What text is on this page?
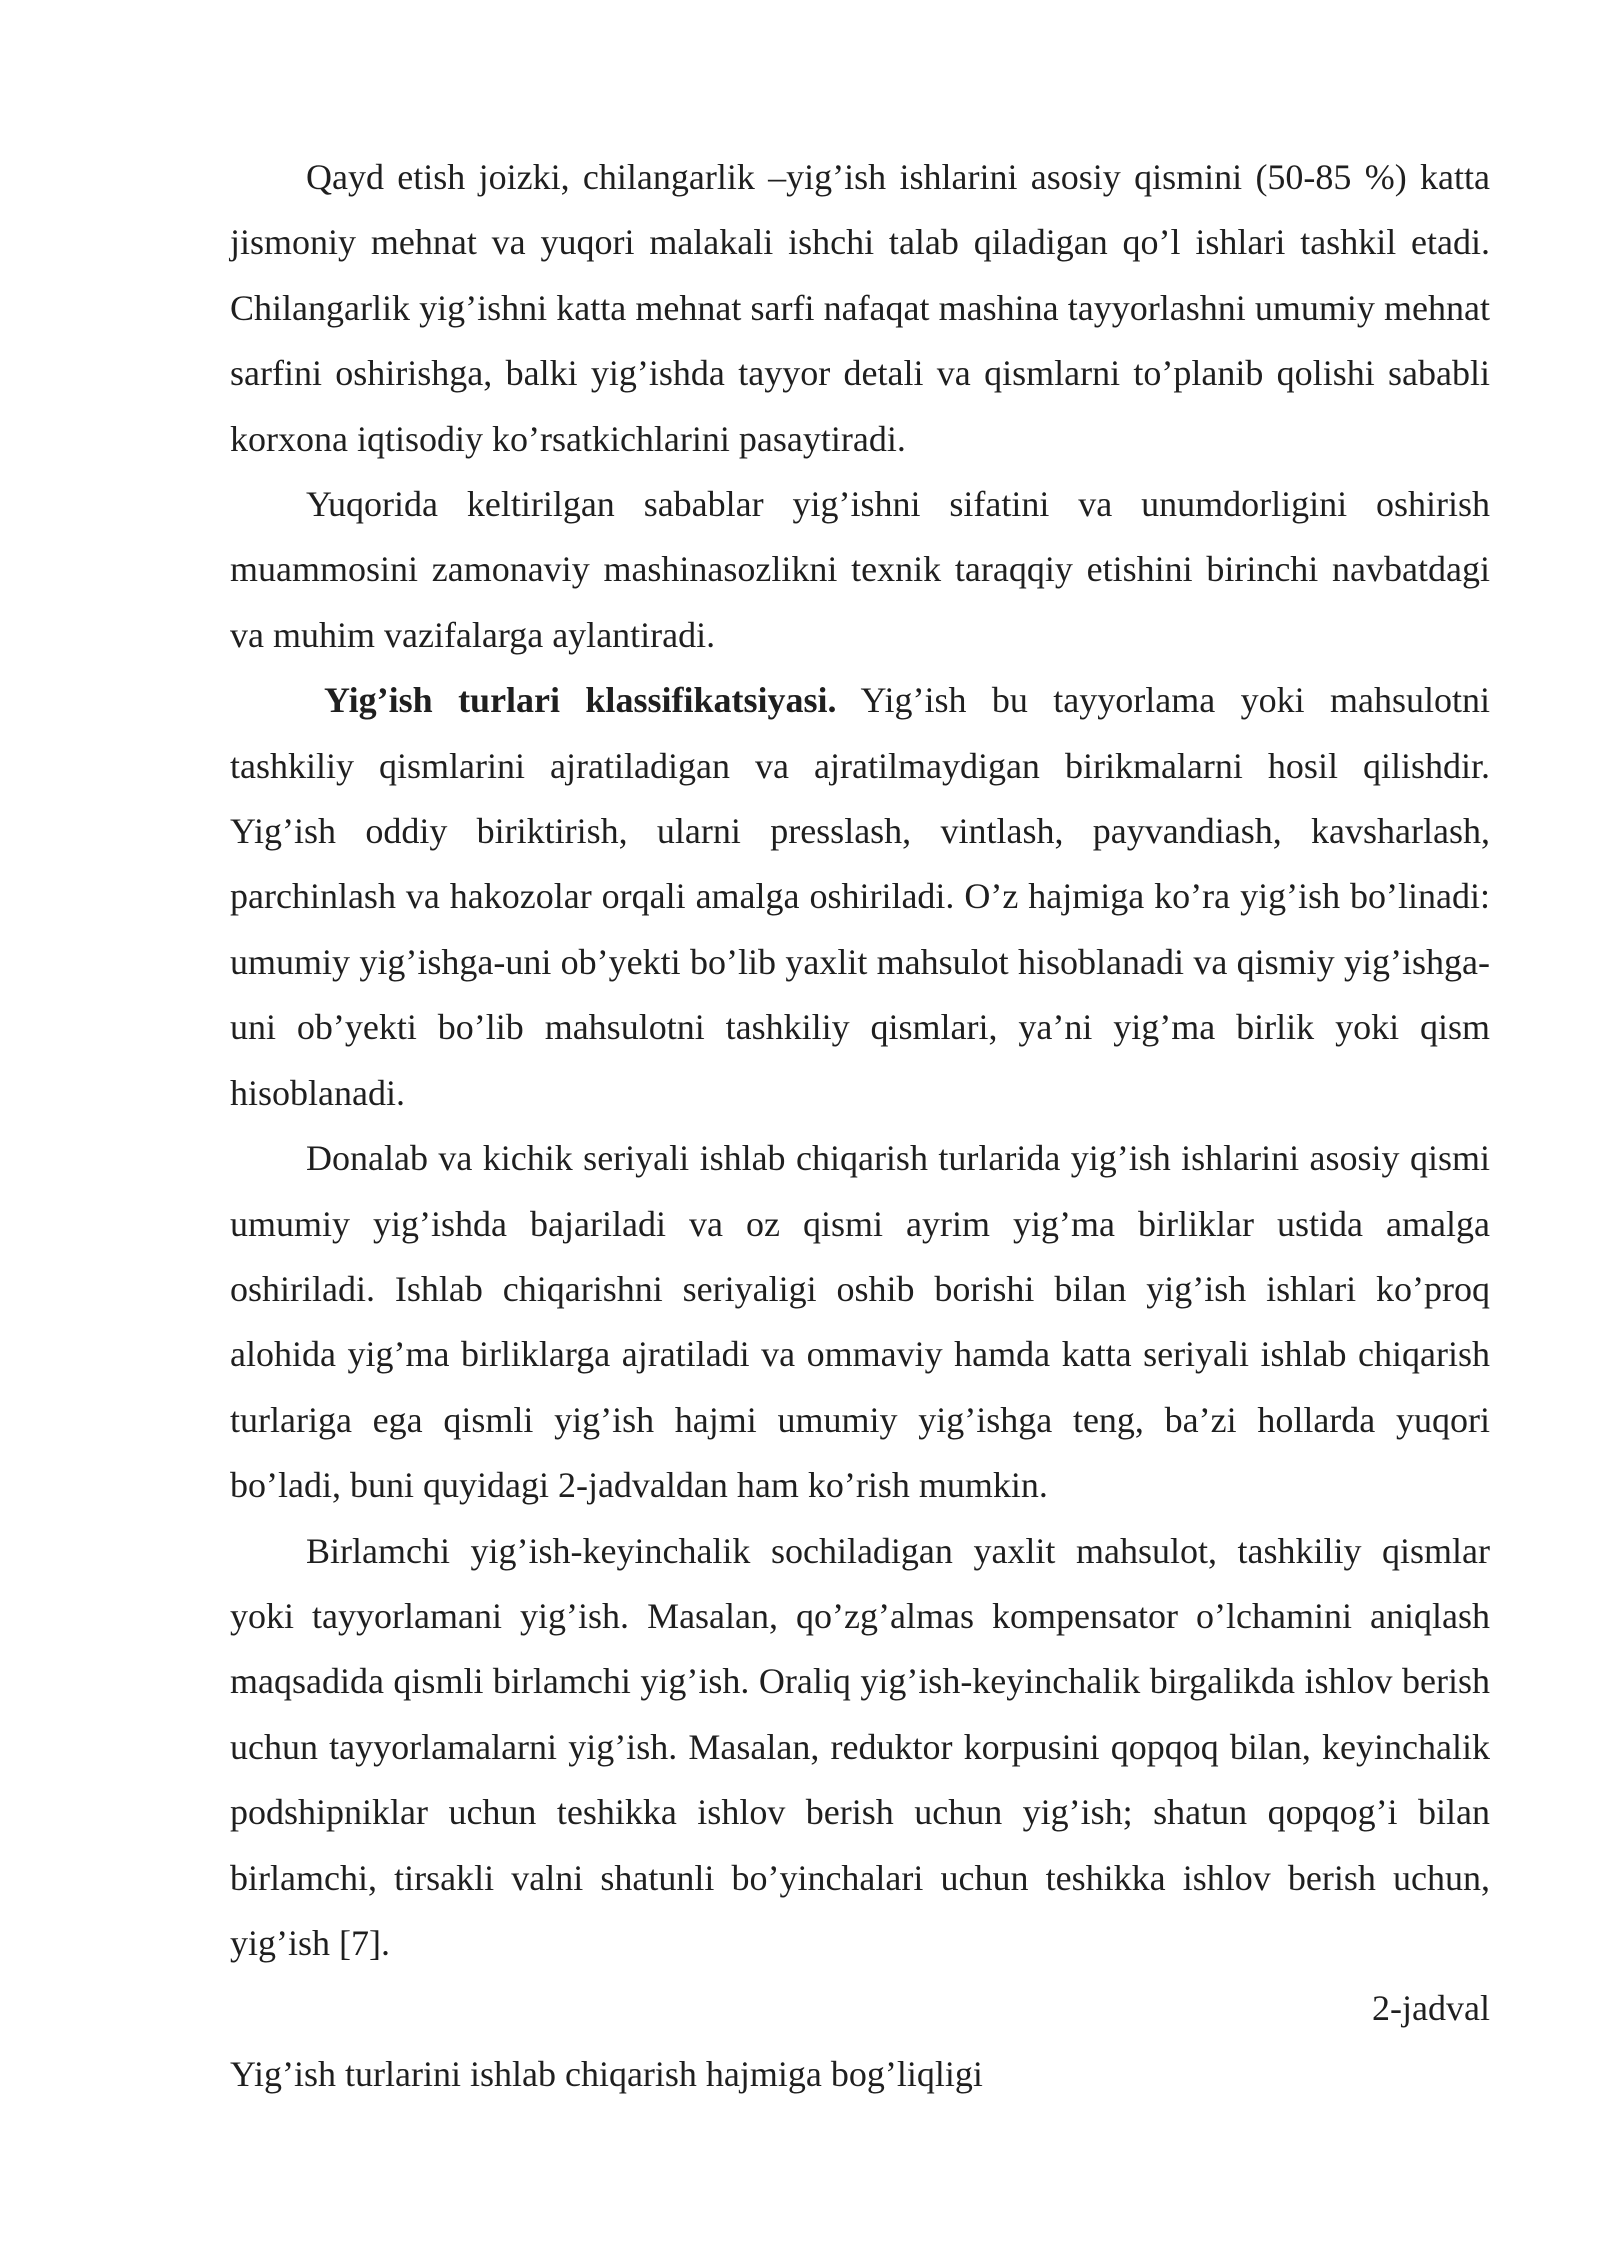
Qayd etish joizki, chilangarlik –yig’ish ishlarini asosiy qismini (50-85 %) katta jismoniy mehnat va yuqori malakali ishchi talab qiladigan qo’l ishlari tashkil etadi. Chilangarlik yig’ishni katta mehnat sarfi nafaqat mashina tayyorlashni umumiy mehnat sarfini oshirishga, balki yig’ishda tayyor detali va qismlarni to’planib qolishi sababli korxona iqtisodiy ko’rsatkichlarini pasaytiradi.

Yuqorida keltirilgan sabablar yig’ishni sifatini va unumdorligini oshirish muammosini zamonaviy mashinasozlikni texnik taraqqiy etishini birinchi navbatdagi va muhim vazifalarga aylantiradi.

Yig’ish turlari klassifikatsiyasi. Yig’ish bu tayyorlama yoki mahsulotni tashkiliy qismlarini ajratiladigan va ajratilmaydigan birikmalarni hosil qilishdir. Yig’ish oddiy biriktirish, ularni presslash, vintlash, payvandiash, kavsharlash, parchinlash va hakozolar orqali amalga oshiriladi. O’z hajmiga ko’ra yig’ish bo’linadi: umumiy yig’ishga-uni ob’yekti bo’lib yaxlit mahsulot hisoblanadi va qismiy yig’ishga-uni ob’yekti bo’lib mahsulotni tashkiliy qismlari, ya’ni yig’ma birlik yoki qism hisoblanadi.

Donalab va kichik seriyali ishlab chiqarish turlarida yig’ish ishlarini asosiy qismi umumiy yig’ishda bajariladi va oz qismi ayrim yig’ma birliklar ustida amalga oshiriladi. Ishlab chiqarishni seriyaligi oshib borishi bilan yig’ish ishlari ko’proq alohida yig’ma birliklarga ajratiladi va ommaviy hamda katta seriyali ishlab chiqarish turlariga ega qismli yig’ish hajmi umumiy yig’ishga teng, ba’zi hollarda yuqori bo’ladi, buni quyidagi 2-jadvaldan ham ko’rish mumkin.

Birlamchi yig’ish-keyinchalik sochiladigan yaxlit mahsulot, tashkiliy qismlar yoki tayyorlamani yig’ish. Masalan, qo’zg’almas kompensator o’lchamini aniqlash maqsadida qismli birlamchi yig’ish. Oraliq yig’ish-keyinchalik birgalikda ishlov berish uchun tayyorlamalarni yig’ish. Masalan, reduktor korpusini qopqoq bilan, keyinchalik podshipniklar uchun teshikka ishlov berish uchun yig’ish; shatun qopqog’i bilan birlamchi, tirsakli valni shatunli bo’yinchalari uchun teshikka ishlov berish uchun, yig’ish [7].

2-jadval

Yig’ish turlarini ishlab chiqarish hajmiga bog’liqligi
